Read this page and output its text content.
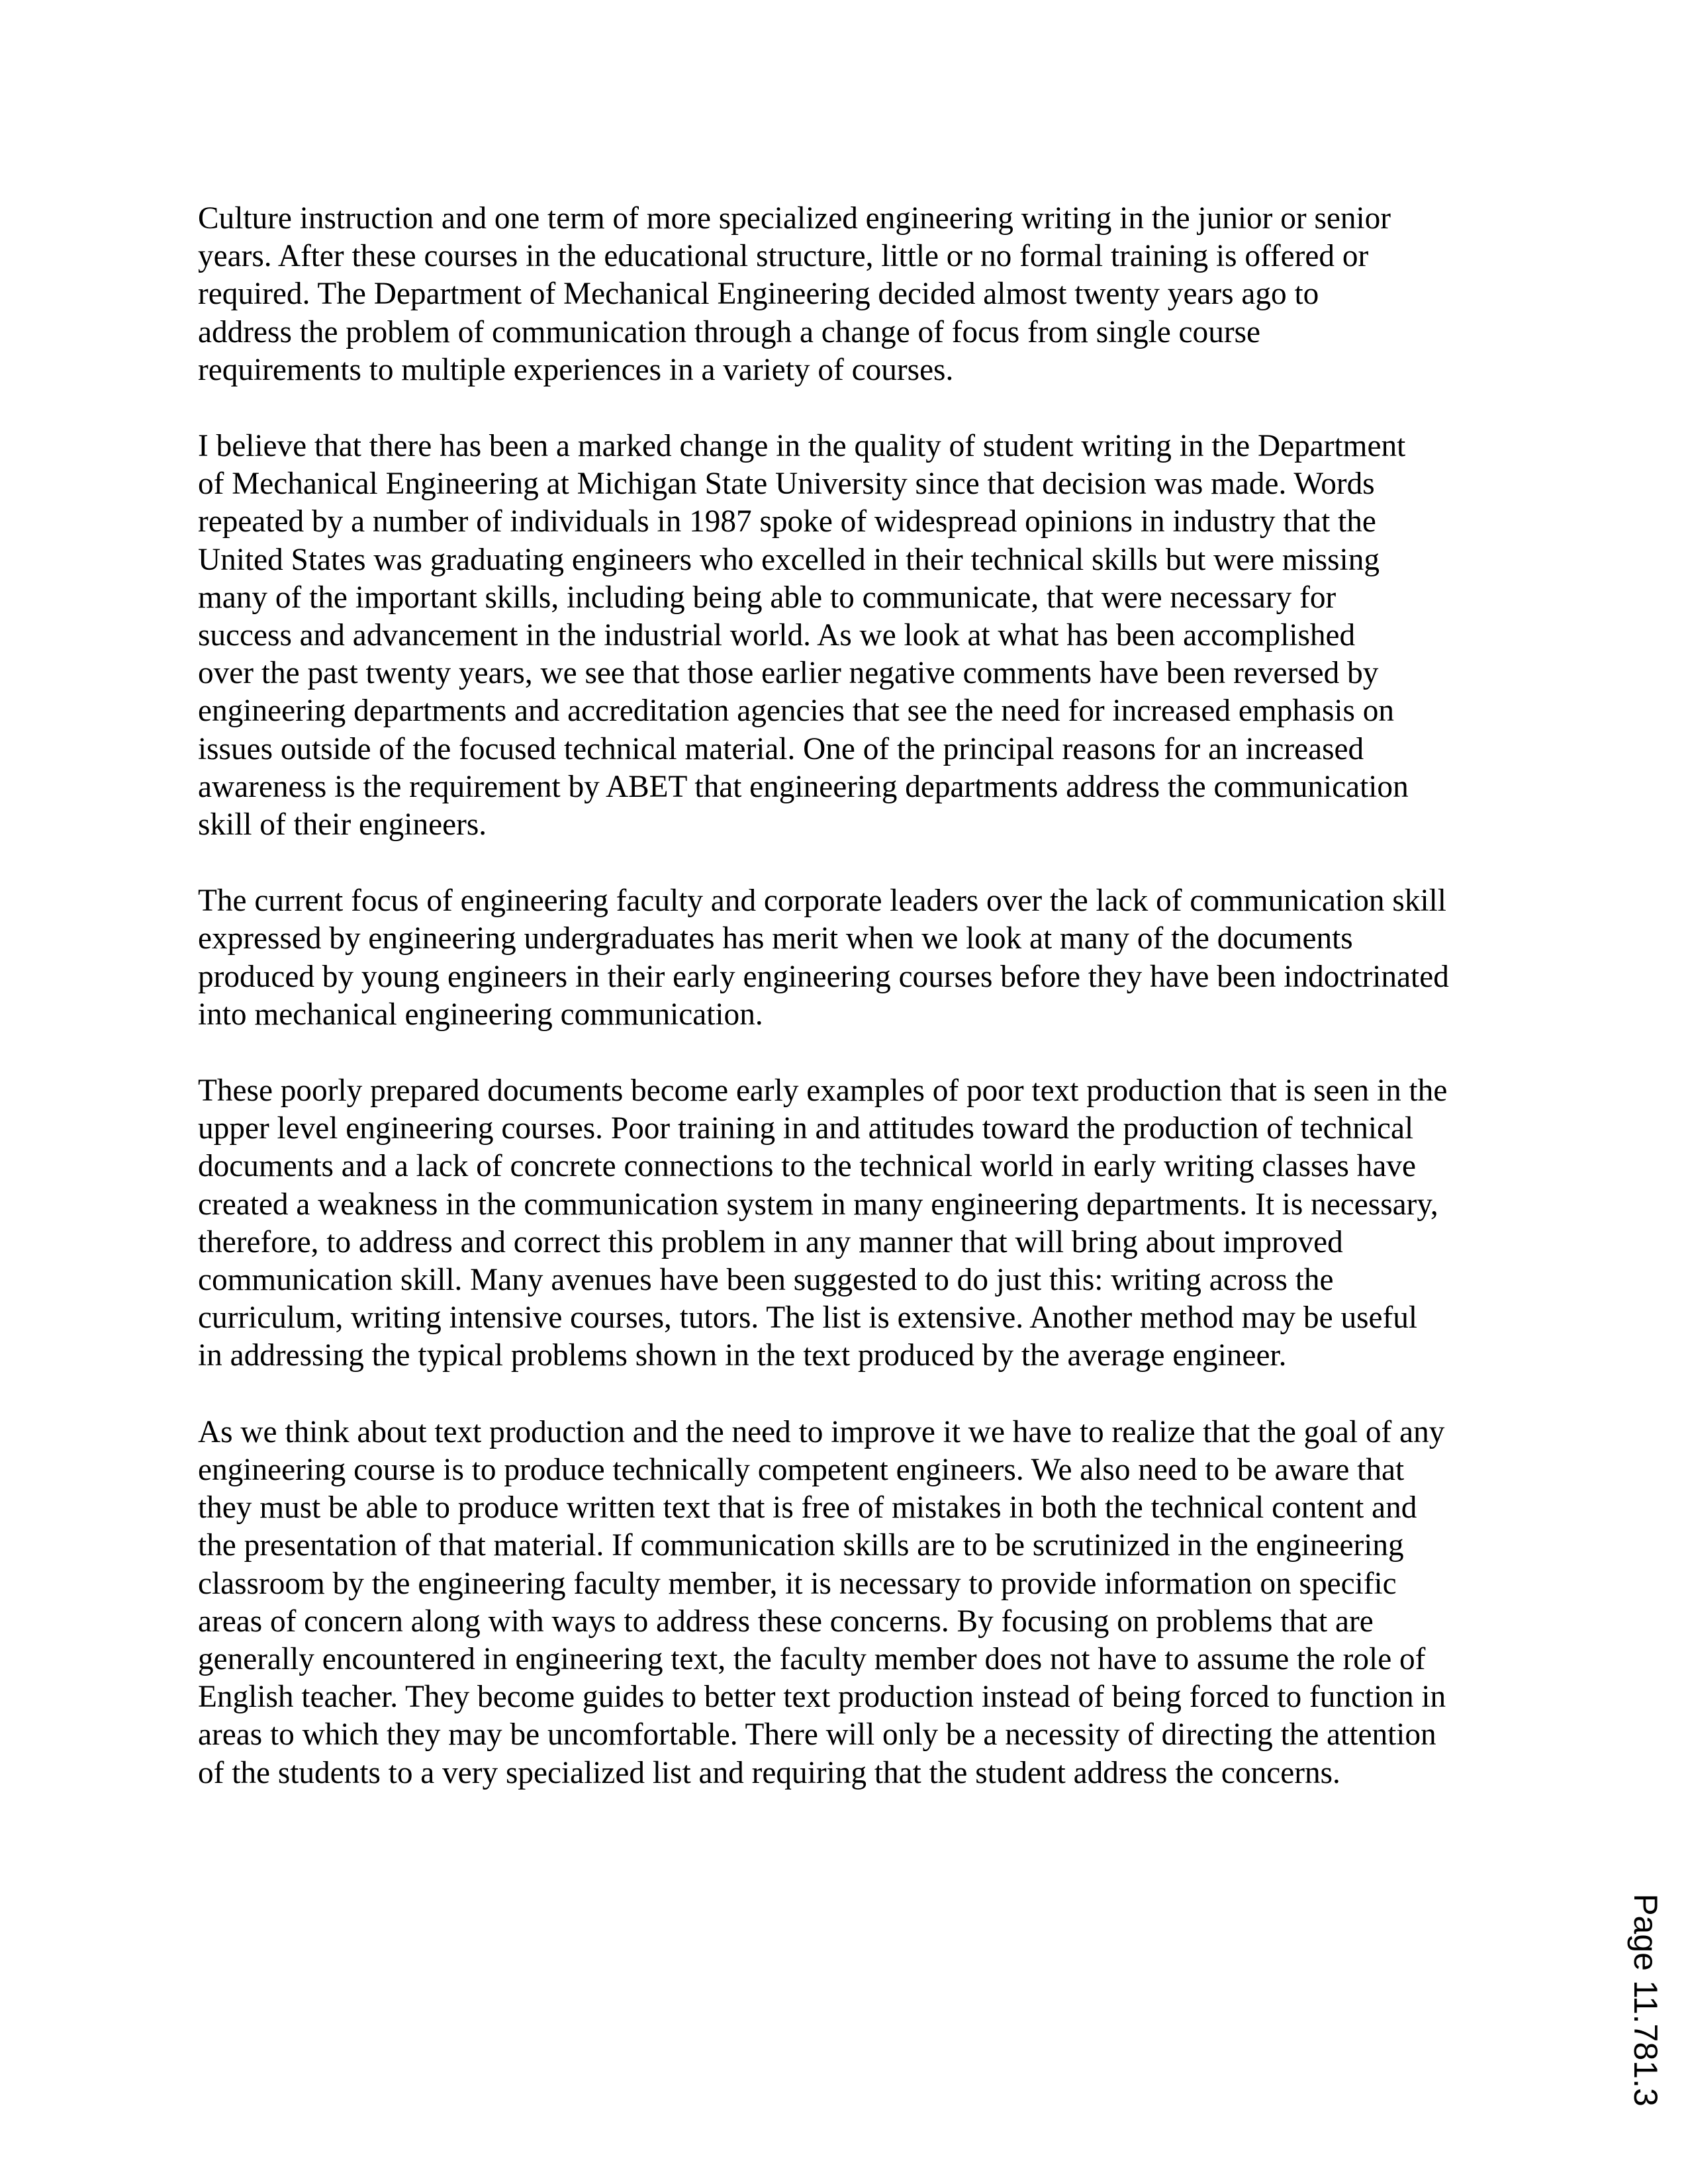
Culture instruction and one term of more specialized engineering writing in the junior or senior
years. After these courses in the educational structure, little or no formal training is offered or
required. The Department of Mechanical Engineering decided almost twenty years ago to
address the problem of communication through a change of focus from single course
requirements to multiple experiences in a variety of courses.

I believe that there has been a marked change in the quality of student writing in the Department
of Mechanical Engineering at Michigan State University since that decision was made. Words
repeated by a number of individuals in 1987 spoke of widespread opinions in industry that the
United States was graduating engineers who excelled in their technical skills but were missing
many of the important skills, including being able to communicate, that were necessary for
success and advancement in the industrial world. As we look at what has been accomplished
over the past twenty years, we see that those earlier negative comments have been reversed by
engineering departments and accreditation agencies that see the need for increased emphasis on
issues outside of the focused technical material. One of the principal reasons for an increased
awareness is the requirement by ABET that engineering departments address the communication
skill of their engineers.

The current focus of engineering faculty and corporate leaders over the lack of communication skill
expressed by engineering undergraduates has merit when we look at many of the documents
produced by young engineers in their early engineering courses before they have been indoctrinated
into mechanical engineering communication.

These poorly prepared documents become early examples of poor text production that is seen in the
upper level engineering courses. Poor training in and attitudes toward the production of technical
documents and a lack of concrete connections to the technical world in early writing classes have
created a weakness in the communication system in many engineering departments. It is necessary,
therefore, to address and correct this problem in any manner that will bring about improved
communication skill. Many avenues have been suggested to do just this: writing across the
curriculum, writing intensive courses, tutors. The list is extensive. Another method may be useful
in addressing the typical problems shown in the text produced by the average engineer.

As we think about text production and the need to improve it we have to realize that the goal of any
engineering course is to produce technically competent engineers. We also need to be aware that
they must be able to produce written text that is free of mistakes in both the technical content and
the presentation of that material. If communication skills are to be scrutinized in the engineering
classroom by the engineering faculty member, it is necessary to provide information on specific
areas of concern along with ways to address these concerns. By focusing on problems that are
generally encountered in engineering text, the faculty member does not have to assume the role of
English teacher. They become guides to better text production instead of being forced to function in
areas to which they may be uncomfortable. There will only be a necessity of directing the attention
of the students to a very specialized list and requiring that the student address the concerns.

Page 11.781.3
